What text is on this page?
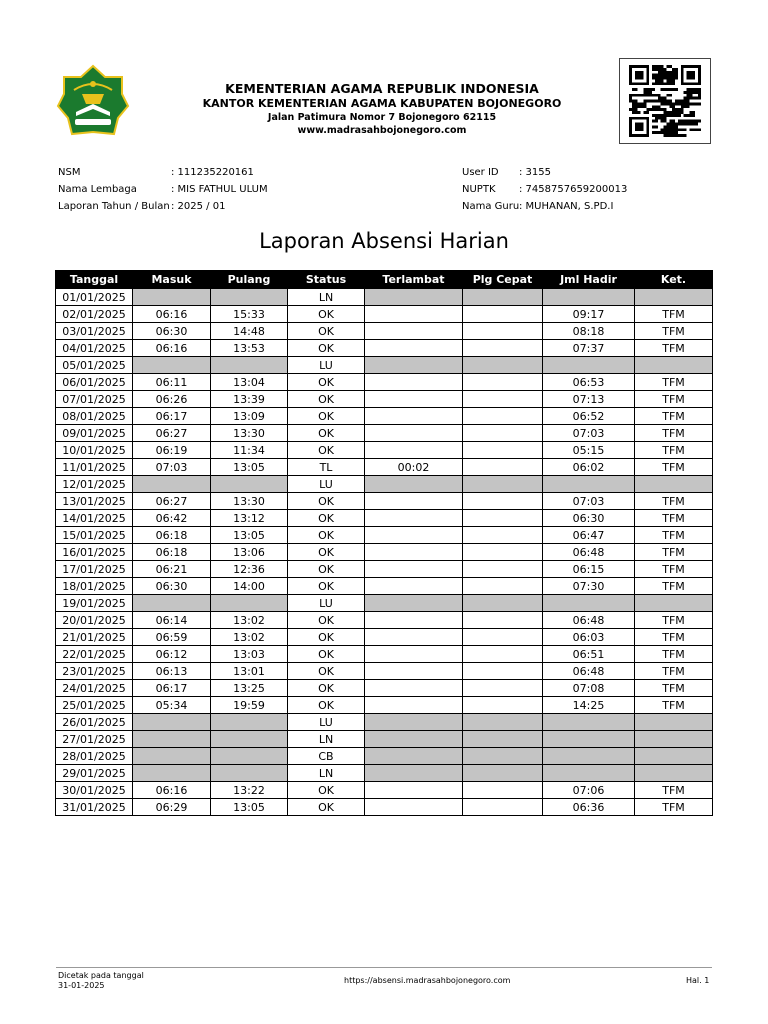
KEMENTERIAN AGAMA REPUBLIK INDONESIA
KANTOR KEMENTERIAN AGAMA KABUPATEN BOJONEGORO
Jalan Patimura Nomor 7 Bojonegoro 62115
www.madrasahbojonegoro.com
NSM	: 111235220161
Nama Lembaga	: MIS FATHUL ULUM
Laporan Tahun / Bulan : 2025 / 01
User ID	: 3155
NUPTK	: 7458757659200013
Nama Guru : MUHANAN, S.PD.I
Laporan Absensi Harian
Tanggal	Masuk	Pulang	Status	Terlambat	Plg Cepat	Jml Hadir	Ket.
01/01/2025			LN				
02/01/2025	06:16	15:33	OK			09:17	TFM
03/01/2025	06:30	14:48	OK			08:18	TFM
04/01/2025	06:16	13:53	OK			07:37	TFM
05/01/2025			LU				
06/01/2025	06:11	13:04	OK			06:53	TFM
07/01/2025	06:26	13:39	OK			07:13	TFM
08/01/2025	06:17	13:09	OK			06:52	TFM
09/01/2025	06:27	13:30	OK			07:03	TFM
10/01/2025	06:19	11:34	OK			05:15	TFM
11/01/2025	07:03	13:05	TL	00:02		06:02	TFM
12/01/2025			LU				
13/01/2025	06:27	13:30	OK			07:03	TFM
14/01/2025	06:42	13:12	OK			06:30	TFM
15/01/2025	06:18	13:05	OK			06:47	TFM
16/01/2025	06:18	13:06	OK			06:48	TFM
17/01/2025	06:21	12:36	OK			06:15	TFM
18/01/2025	06:30	14:00	OK			07:30	TFM
19/01/2025			LU				
20/01/2025	06:14	13:02	OK			06:48	TFM
21/01/2025	06:59	13:02	OK			06:03	TFM
22/01/2025	06:12	13:03	OK			06:51	TFM
23/01/2025	06:13	13:01	OK			06:48	TFM
24/01/2025	06:17	13:25	OK			07:08	TFM
25/01/2025	05:34	19:59	OK			14:25	TFM
26/01/2025			LU				
27/01/2025			LN				
28/01/2025			CB				
29/01/2025			LN				
30/01/2025	06:16	13:22	OK			07:06	TFM
31/01/2025	06:29	13:05	OK			06:36	TFM
Dicetak pada tanggal
31-01-2025
https://absensi.madrasahbojonegoro.com	Hal. 1
